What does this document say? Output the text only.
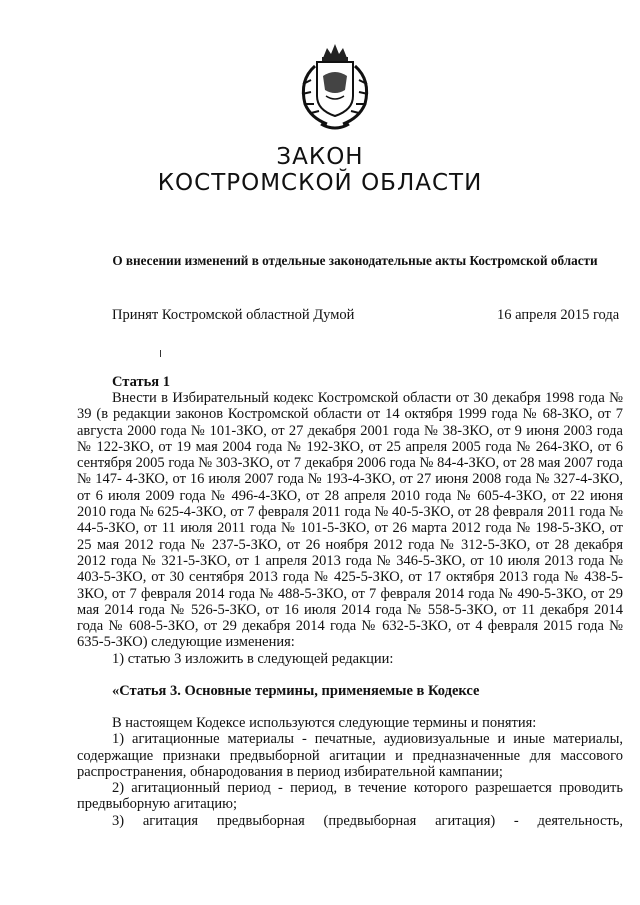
ЗАКОН
КОСТРОМСКОЙ ОБЛАСТИ
О внесении изменений в отдельные законодательные акты Костромской области
Принят Костромской областной Думой	16 апреля 2015 года
Статья 1

Внести в Избирательный кодекс Костромской области от 30 декабря 1998 года № 39 (в редакции законов Костромской области от 14 октября 1999 года № 68-ЗКО, от 7 августа 2000 года № 101-ЗКО, от 27 декабря 2001 года № 38-ЗКО, от 9 июня 2003 года № 122-ЗКО, от 19 мая 2004 года № 192-ЗКО, от 25 апреля 2005 года № 264-ЗКО, от 6 сентября 2005 года № 303-ЗКО, от 7 декабря 2006 года № 84-4-ЗКО, от 28 мая 2007 года № 147- 4-ЗКО, от 16 июля 2007 года № 193-4-ЗКО, от 27 июня 2008 года № 327-4-ЗКО, от 6 июля 2009 года № 496-4-ЗКО, от 28 апреля 2010 года № 605-4-ЗКО, от 22 июня 2010 года № 625-4-ЗКО, от 7 февраля 2011 года № 40-5-ЗКО, от 28 февраля 2011 года № 44-5-ЗКО, от 11 июля 2011 года № 101-5-ЗКО, от 26 марта 2012 года № 198-5-ЗКО, от 25 мая 2012 года № 237-5-ЗКО, от 26 ноября 2012 года № 312-5-ЗКО, от 28 декабря 2012 года № 321-5-ЗКО, от 1 апреля 2013 года № 346-5-ЗКО, от 10 июля 2013 года № 403-5-ЗКО, от 30 сентября 2013 года № 425-5-ЗКО, от 17 октября 2013 года № 438-5-ЗКО, от 7 февраля 2014 года № 488-5-ЗКО, от 7 февраля 2014 года № 490-5-ЗКО, от 29 мая 2014 года № 526-5-ЗКО, от 16 июля 2014 года № 558-5-ЗКО, от 11 декабря 2014 года № 608-5-ЗКО, от 29 декабря 2014 года № 632-5-ЗКО, от 4 февраля 2015 года № 635-5-ЗКО) следующие изменения:

1) статью 3 изложить в следующей редакции:

«Статья 3. Основные термины, применяемые в Кодексе

В настоящем Кодексе используются следующие термины и понятия:

1) агитационные материалы - печатные, аудиовизуальные и иные материалы, содержащие признаки предвыборной агитации и предназначенные для массового распространения, обнародования в период избирательной кампании;

2) агитационный период - период, в течение которого разрешается проводить предвыборную агитацию;

3) агитация предвыборная (предвыборная агитация) - деятельность,
